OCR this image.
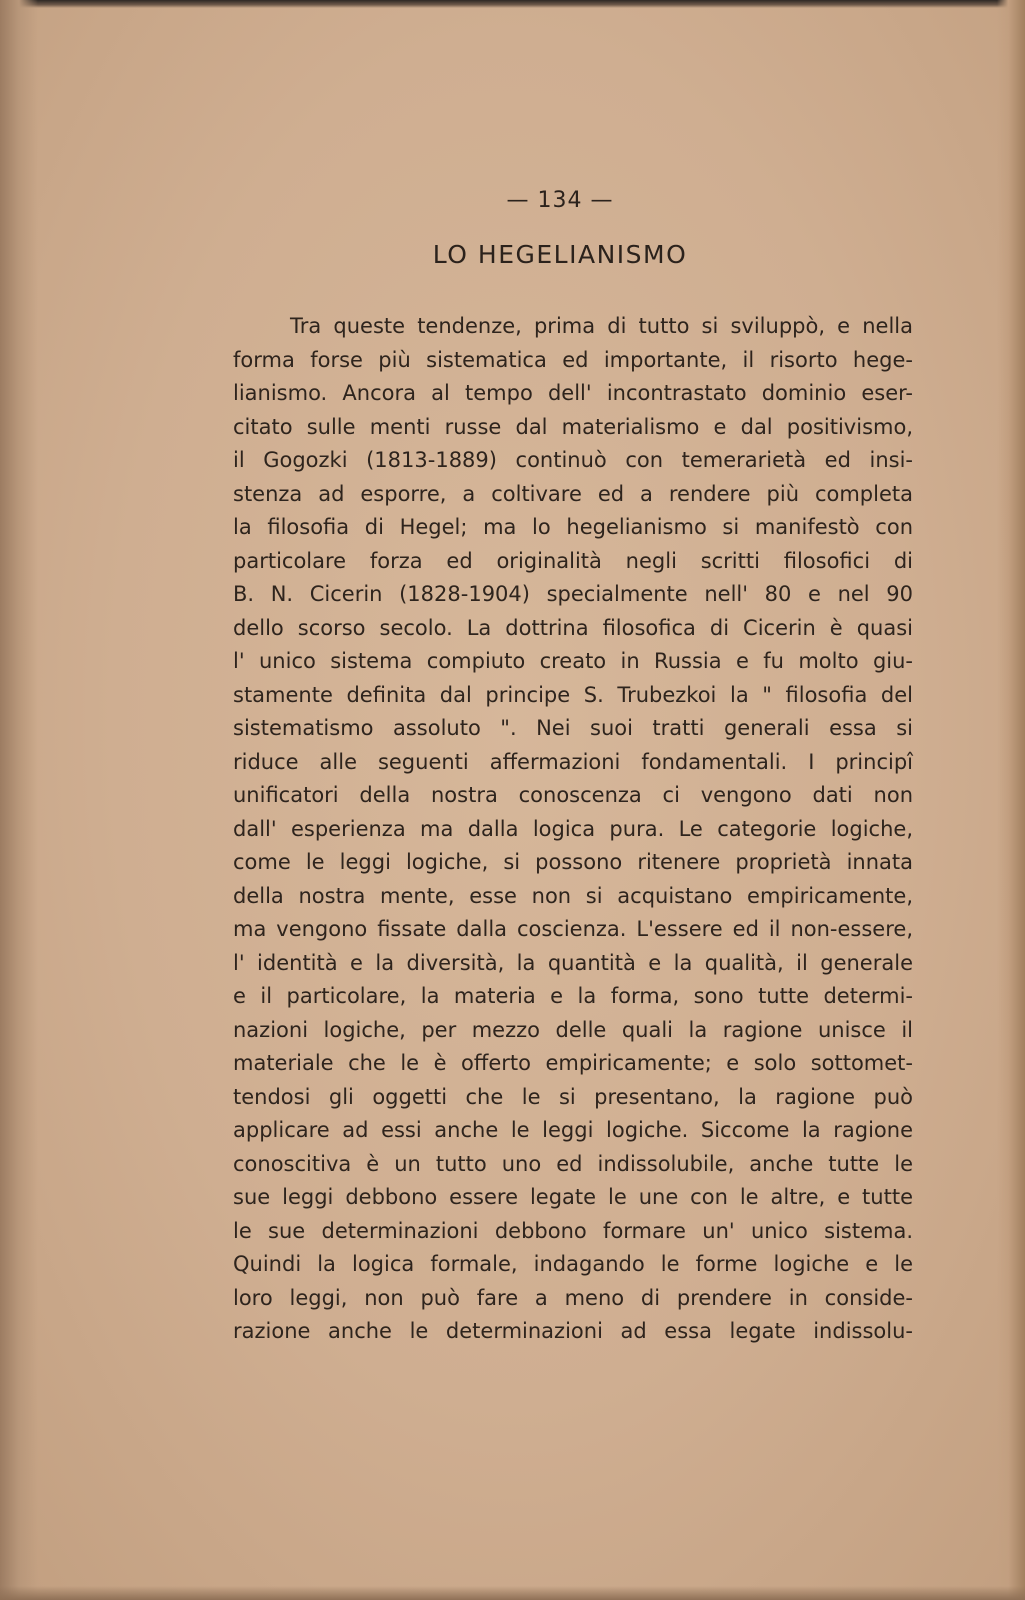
— 134 —
LO HEGELIANISMO
Tra queste tendenze, prima di tutto si sviluppò, e nella
forma forse più sistematica ed importante, il risorto hege-
lianismo. Ancora al tempo dell' incontrastato dominio eser-
citato sulle menti russe dal materialismo e dal positivismo,
il Gogozki (1813-1889) continuò con temerarietà ed insi-
stenza ad esporre, a coltivare ed a rendere più completa
la filosofia di Hegel; ma lo hegelianismo si manifestò con
particolare forza ed originalità negli scritti filosofici di
B. N. Cicerin (1828-1904) specialmente nell' 80 e nel 90
dello scorso secolo. La dottrina filosofica di Cicerin è quasi
l' unico sistema compiuto creato in Russia e fu molto giu-
stamente definita dal principe S. Trubezkoi la " filosofia del
sistematismo assoluto ". Nei suoi tratti generali essa si
riduce alle seguenti affermazioni fondamentali. I principî
unificatori della nostra conoscenza ci vengono dati non
dall' esperienza ma dalla logica pura. Le categorie logiche,
come le leggi logiche, si possono ritenere proprietà innata
della nostra mente, esse non si acquistano empiricamente,
ma vengono fissate dalla coscienza. L'essere ed il non-essere,
l' identità e la diversità, la quantità e la qualità, il generale
e il particolare, la materia e la forma, sono tutte determi-
nazioni logiche, per mezzo delle quali la ragione unisce il
materiale che le è offerto empiricamente; e solo sottomet-
tendosi gli oggetti che le si presentano, la ragione può
applicare ad essi anche le leggi logiche. Siccome la ragione
conoscitiva è un tutto uno ed indissolubile, anche tutte le
sue leggi debbono essere legate le une con le altre, e tutte
le sue determinazioni debbono formare un' unico sistema.
Quindi la logica formale, indagando le forme logiche e le
loro leggi, non può fare a meno di prendere in conside-
razione anche le determinazioni ad essa legate indissolu-
